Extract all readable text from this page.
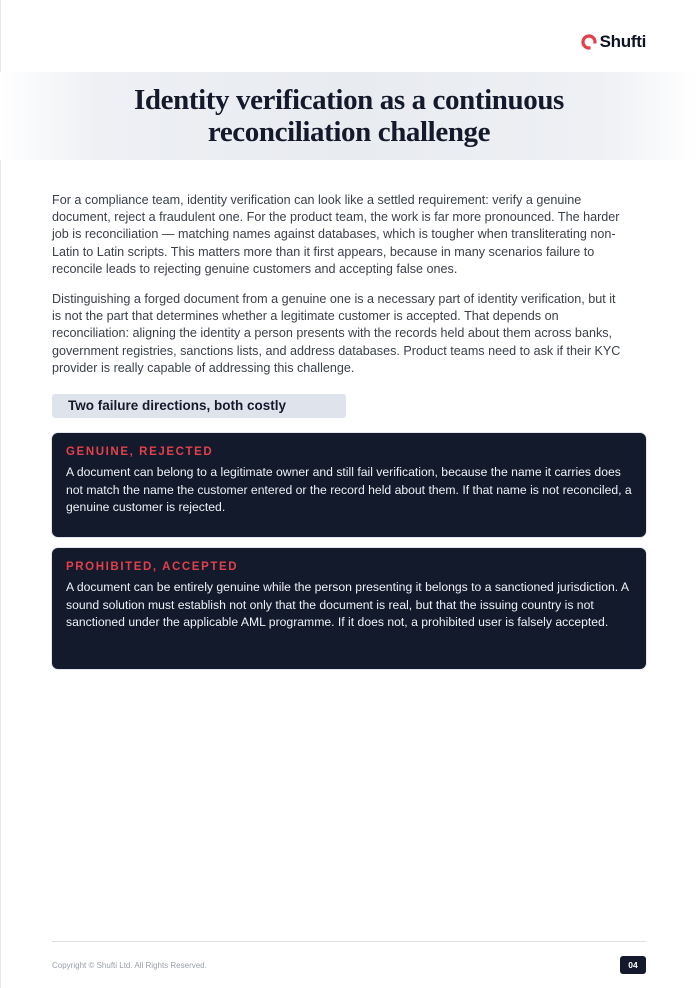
Shufti
Identity verification as a continuous
reconciliation challenge

For a compliance team, identity verification can look like a settled requirement: verify a genuine document, reject a fraudulent one. For the product team, the work is far more pronounced. The harder job is reconciliation — matching names against databases, which is tougher when transliterating non-Latin to Latin scripts. This matters more than it first appears, because in many scenarios failure to reconcile leads to rejecting genuine customers and accepting false ones.

Distinguishing a forged document from a genuine one is a necessary part of identity verification, but it is not the part that determines whether a legitimate customer is accepted. That depends on reconciliation: aligning the identity a person presents with the records held about them across banks, government registries, sanctions lists, and address databases. Product teams need to ask if their KYC provider is really capable of addressing this challenge.

Two failure directions, both costly
GENUINE, REJECTED
A document can belong to a legitimate owner and still fail verification, because the name it carries does not match the name the customer entered or the record held about them. If that name is not reconciled, a genuine customer is rejected.
PROHIBITED, ACCEPTED
A document can be entirely genuine while the person presenting it belongs to a sanctioned jurisdiction. A sound solution must establish not only that the document is real, but that the issuing country is not sanctioned under the applicable AML programme. If it does not, a prohibited user is falsely accepted.
Copyright © Shufti Ltd. All Rights Reserved.	04
